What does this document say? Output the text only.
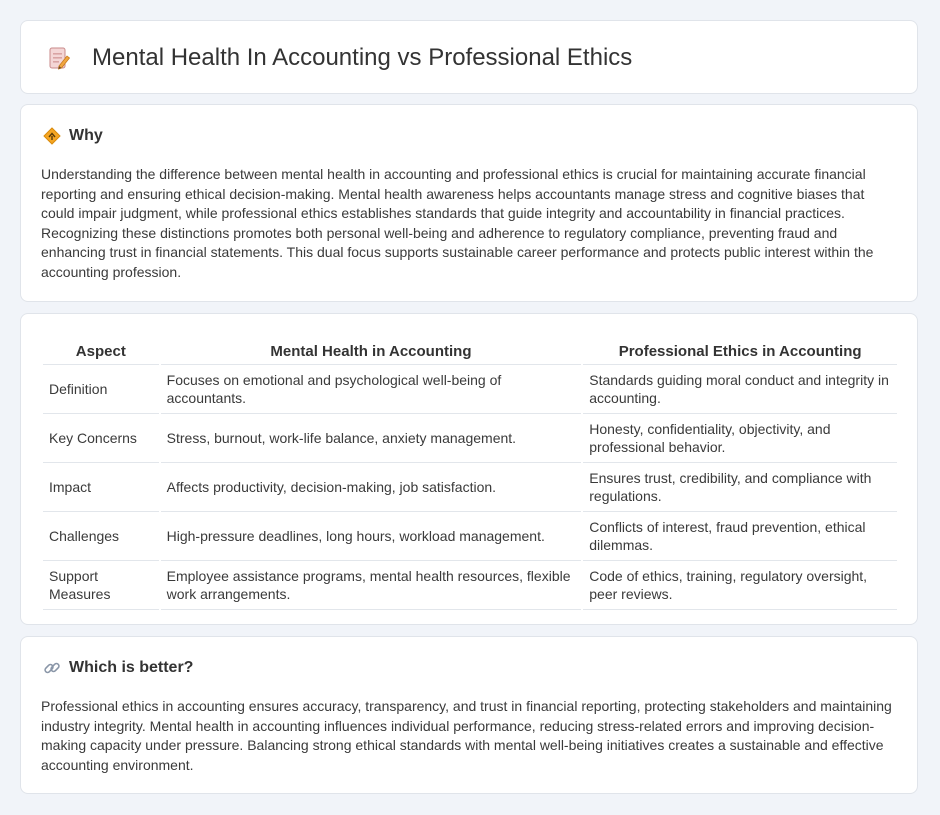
Mental Health In Accounting vs Professional Ethics
Why
Understanding the difference between mental health in accounting and professional ethics is crucial for maintaining accurate financial reporting and ensuring ethical decision-making. Mental health awareness helps accountants manage stress and cognitive biases that could impair judgment, while professional ethics establishes standards that guide integrity and accountability in financial practices. Recognizing these distinctions promotes both personal well-being and adherence to regulatory compliance, preventing fraud and enhancing trust in financial statements. This dual focus supports sustainable career performance and protects public interest within the accounting profession.
Aspect	Mental Health in Accounting	Professional Ethics in Accounting
Definition	Focuses on emotional and psychological well-being of accountants.	Standards guiding moral conduct and integrity in accounting.
Key Concerns	Stress, burnout, work-life balance, anxiety management.	Honesty, confidentiality, objectivity, and professional behavior.
Impact	Affects productivity, decision-making, job satisfaction.	Ensures trust, credibility, and compliance with regulations.
Challenges	High-pressure deadlines, long hours, workload management.	Conflicts of interest, fraud prevention, ethical dilemmas.
Support Measures	Employee assistance programs, mental health resources, flexible work arrangements.	Code of ethics, training, regulatory oversight, peer reviews.
Which is better?
Professional ethics in accounting ensures accuracy, transparency, and trust in financial reporting, protecting stakeholders and maintaining industry integrity. Mental health in accounting influences individual performance, reducing stress-related errors and improving decision-making capacity under pressure. Balancing strong ethical standards with mental well-being initiatives creates a sustainable and effective accounting environment.
